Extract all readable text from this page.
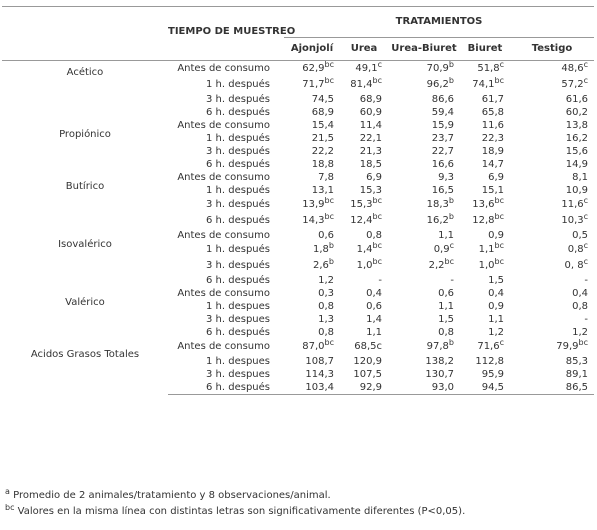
	TIEMPO DE MUESTREO	TRATAMIENTOS				
		Ajonjolí	Urea	Urea-Biuret	Biuret	Testigo
Acético	Antes de consumo	62,9$^{bc}$	49,1$^c$	70,9$^b$	51,8$^c$	48,6$^c$
	1 h. después	71,7$^{bc}$	81,4$^{bc}$	96,2$^b$	74,1$^{bc}$	57,2$^c$
	3 h. después	74,5	68,9	86,6	61,7	61,6
	6 h. después	68,9	60,9	59,4	65,8	60,2
Propiónico	Antes de consumo	15,4	11,4	15,9	11,6	13,8
	1 h. después	21,5	22,1	23,7	22,3	16,2
	3 h. después	22,2	21,3	22,7	18,9	15,6
	6 h. después	18,8	18,5	16,6	14,7	14,9
Butírico	Antes de consumo	7,8	6,9	9,3	6,9	8,1
	1 h. después	13,1	15,3	16,5	15,1	10,9
	3 h. después	13,9$^{bc}$	15,3$^{bc}$	18,3$^b$	13,6$^{bc}$	11,6$^c$
	6 h. después	14,3$^{bc}$	12,4$^{bc}$	16,2$^b$	12,8$^{bc}$	10,3$^c$
Isovalérico	Antes de consumo	0,6	0,8	1,1	0,9	0,5
	1 h. después	1,8$^b$	1,4$^{bc}$	0,9$^c$	1,1$^{bc}$	0,8$^c$
	3 h. después	2,6$^b$	1,0$^{bc}$	2,2$^{bc}$	1,0$^{bc}$	0, 8$^c$
	6 h. después	1,2	-	-	1,5	-
Valérico	Antes de consumo	0,3	0,4	0,6	0,4	0,4
	1 h. despues	0,8	0,6	1,1	0,9	0,8
	3 h. despues	1,3	1,4	1,5	1,1	-
	6 h. después	0,8	1,1	0,8	1,2	1,2
Acidos Grasos Totales	Antes de consumo	87,0$^{bc}$	68,5c	97,8$^b$	71,6$^c$	79,9$^{bc}$
	1 h. despues	108,7	120,9	138,2	112,8	85,3
	3 h. despues	114,3	107,5	130,7	95,9	89,1
	6 h. después	103,4	92,9	93,0	94,5	86,5
$^a$ Promedio de 2 animales/tratamiento y 8 observaciones/animal.
$^{bc}$ Valores en la misma línea con distintas letras son significativamente diferentes (P<0,05).
